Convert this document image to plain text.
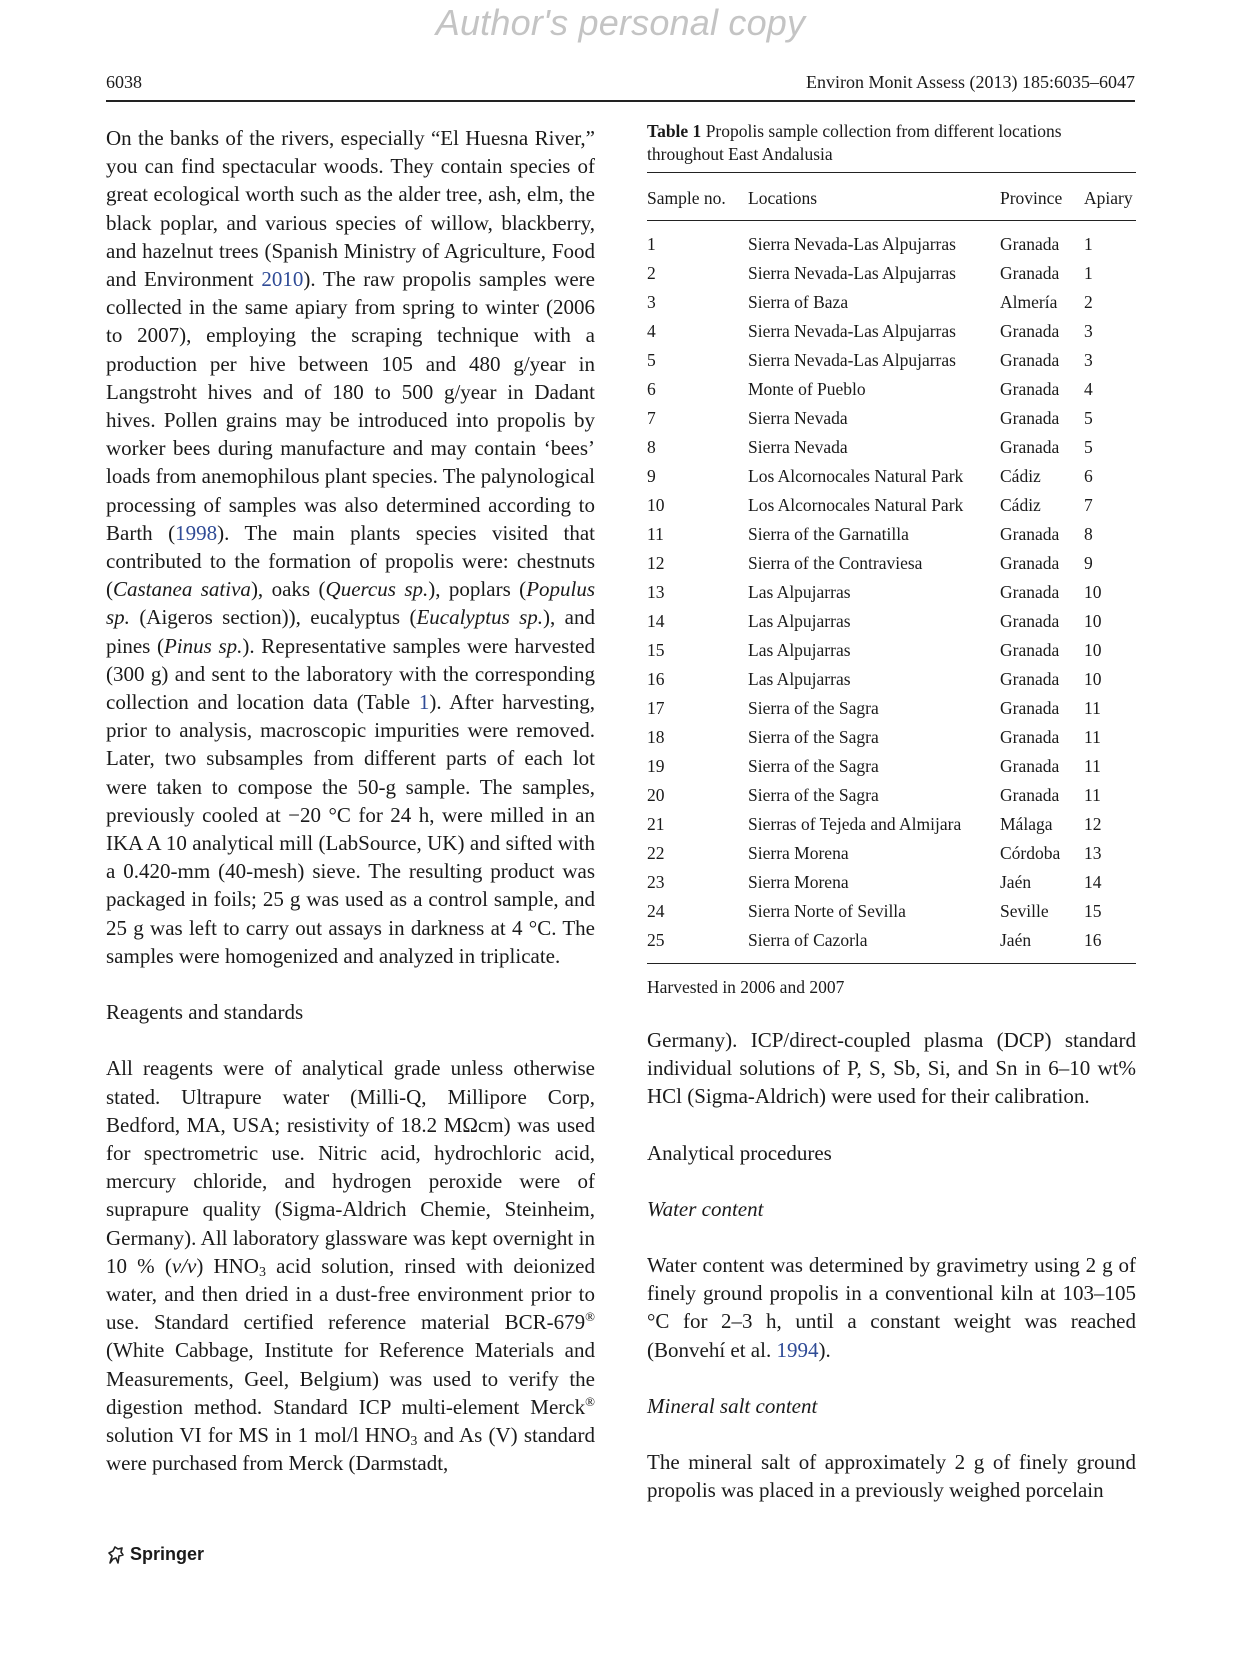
Author's personal copy
6038	Environ Monit Assess (2013) 185:6035–6047

On the banks of the rivers, especially “El Huesna River,” you can find spectacular woods. They contain species of great ecological worth such as the alder tree, ash, elm, the black poplar, and various species of willow, blackberry, and hazelnut trees (Spanish Ministry of Agriculture, Food and Environment 2010). The raw propolis samples were collected in the same apiary from spring to winter (2006 to 2007), employing the scraping technique with a production per hive between 105 and 480 g/year in Langstroht hives and of 180 to 500 g/year in Dadant hives. Pollen grains may be introduced into propolis by worker bees during manufacture and may contain ‘bees’ loads from anemophilous plant species. The palynological processing of samples was also determined according to Barth (1998). The main plants species visited that contributed to the formation of propolis were: chestnuts (Castanea sativa), oaks (Quercus sp.), poplars (Populus sp. (Aigeros section)), eucalyptus (Eucalyptus sp.), and pines (Pinus sp.). Representative samples were harvested (300 g) and sent to the laboratory with the corresponding collection and location data (Table 1). After harvesting, prior to analysis, macroscopic impurities were removed. Later, two subsamples from different parts of each lot were taken to compose the 50-g sample. The samples, previously cooled at −20 °C for 24 h, were milled in an IKA A 10 analytical mill (LabSource, UK) and sifted with a 0.420-mm (40-mesh) sieve. The resulting product was packaged in foils; 25 g was used as a control sample, and 25 g was left to carry out assays in darkness at 4 °C. The samples were homogenized and analyzed in triplicate.

Reagents and standards

All reagents were of analytical grade unless otherwise stated. Ultrapure water (Milli-Q, Millipore Corp, Bedford, MA, USA; resistivity of 18.2 MΩcm) was used for spectrometric use. Nitric acid, hydrochloric acid, mercury chloride, and hydrogen peroxide were of suprapure quality (Sigma-Aldrich Chemie, Steinheim, Germany). All laboratory glassware was kept overnight in 10 % (v/v) $HNO_3$ acid solution, rinsed with deionized water, and then dried in a dust-free environment prior to use. Standard certified reference material BCR-679® (White Cabbage, Institute for Reference Materials and Measurements, Geel, Belgium) was used to verify the digestion method. Standard ICP multi-element Merck® solution VI for MS in 1 mol/l $HNO_3$ and As (V) standard were purchased from Merck (Darmstadt,

Table 1 Propolis sample collection from different locations throughout East Andalusia
Sample no.	Locations	Province	Apiary
1	Sierra Nevada-Las Alpujarras	Granada	1
2	Sierra Nevada-Las Alpujarras	Granada	1
3	Sierra of Baza	Almería	2
4	Sierra Nevada-Las Alpujarras	Granada	3
5	Sierra Nevada-Las Alpujarras	Granada	3
6	Monte of Pueblo	Granada	4
7	Sierra Nevada	Granada	5
8	Sierra Nevada	Granada	5
9	Los Alcornocales Natural Park	Cádiz	6
10	Los Alcornocales Natural Park	Cádiz	7
11	Sierra of the Garnatilla	Granada	8
12	Sierra of the Contraviesa	Granada	9
13	Las Alpujarras	Granada	10
14	Las Alpujarras	Granada	10
15	Las Alpujarras	Granada	10
16	Las Alpujarras	Granada	10
17	Sierra of the Sagra	Granada	11
18	Sierra of the Sagra	Granada	11
19	Sierra of the Sagra	Granada	11
20	Sierra of the Sagra	Granada	11
21	Sierras of Tejeda and Almijara	Málaga	12
22	Sierra Morena	Córdoba	13
23	Sierra Morena	Jaén	14
24	Sierra Norte of Sevilla	Seville	15
25	Sierra of Cazorla	Jaén	16
Harvested in 2006 and 2007

Germany). ICP/direct-coupled plasma (DCP) standard individual solutions of P, S, Sb, Si, and Sn in 6–10 wt% HCl (Sigma-Aldrich) were used for their calibration.

Analytical procedures

Water content

Water content was determined by gravimetry using 2 g of finely ground propolis in a conventional kiln at 103–105 °C for 2–3 h, until a constant weight was reached (Bonvehí et al. 1994).

Mineral salt content

The mineral salt of approximately 2 g of finely ground propolis was placed in a previously weighed porcelain

Springer
